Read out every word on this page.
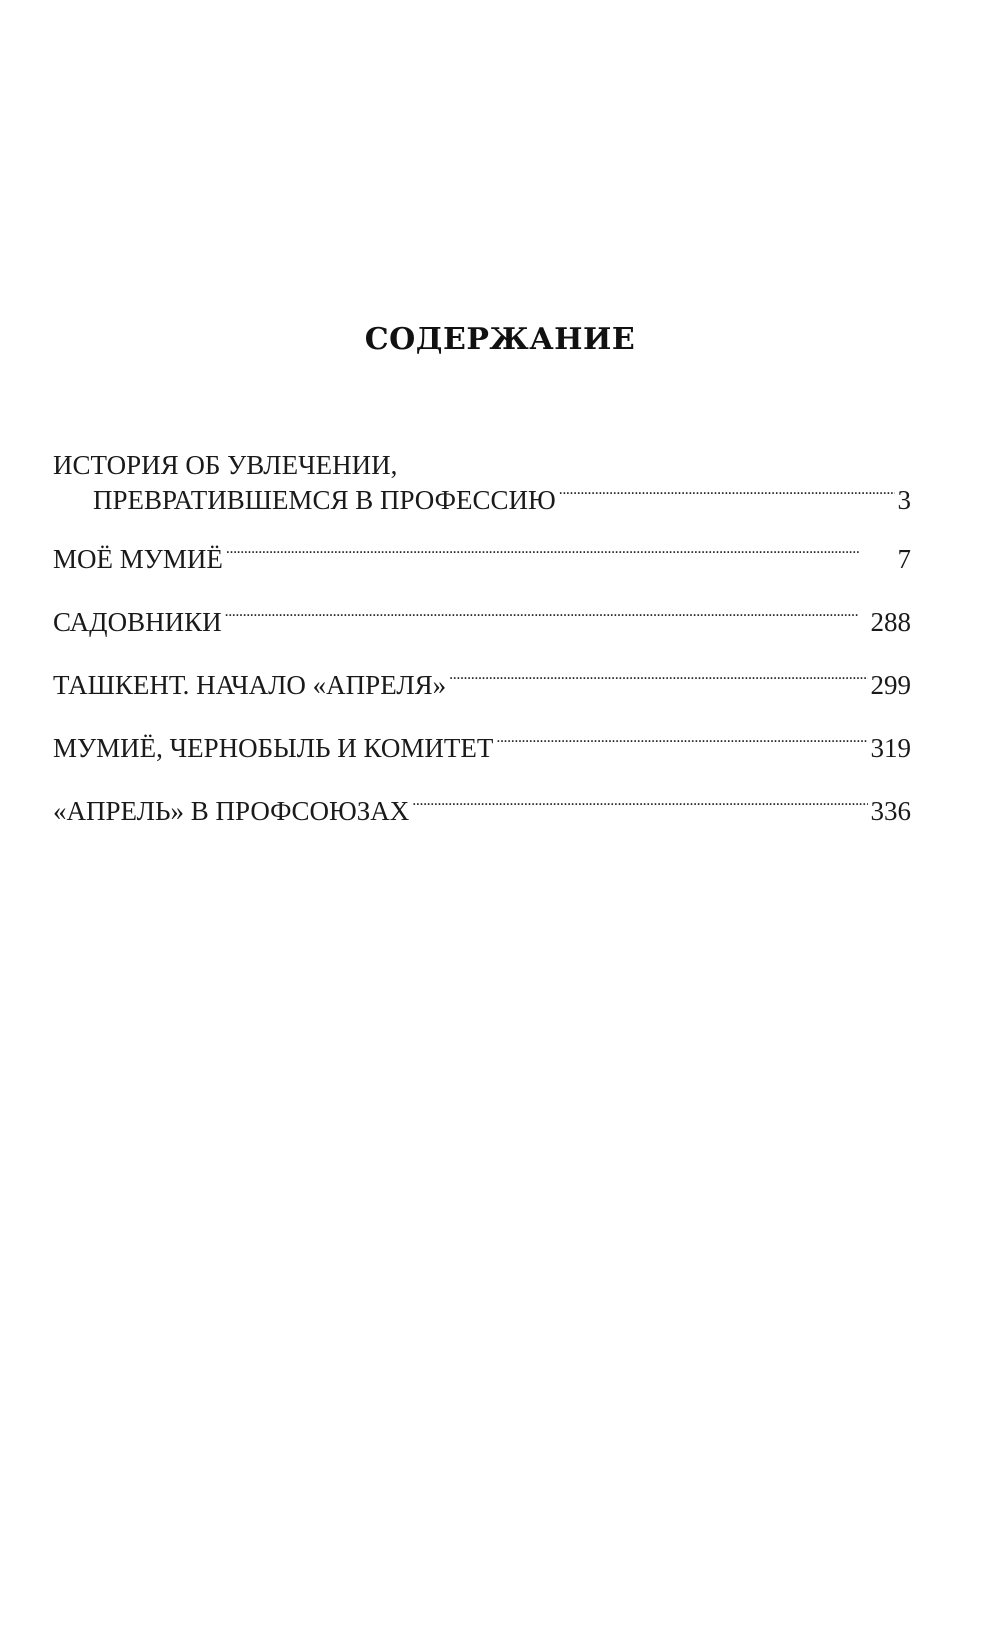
СОДЕРЖАНИЕ
ИСТОРИЯ ОБ УВЛЕЧЕНИИ,
ПРЕВРАТИВШЕМСЯ В ПРОФЕССИЮ . . .	3
МОЁ МУМИЁ . . .	7
САДОВНИКИ . . .	288
ТАШКЕНТ. НАЧАЛО «АПРЕЛЯ» . . .	299
МУМИЁ, ЧЕРНОБЫЛЬ И КОМИТЕТ . . .	319
«АПРЕЛЬ» В ПРОФСОЮЗАХ . . .	336
